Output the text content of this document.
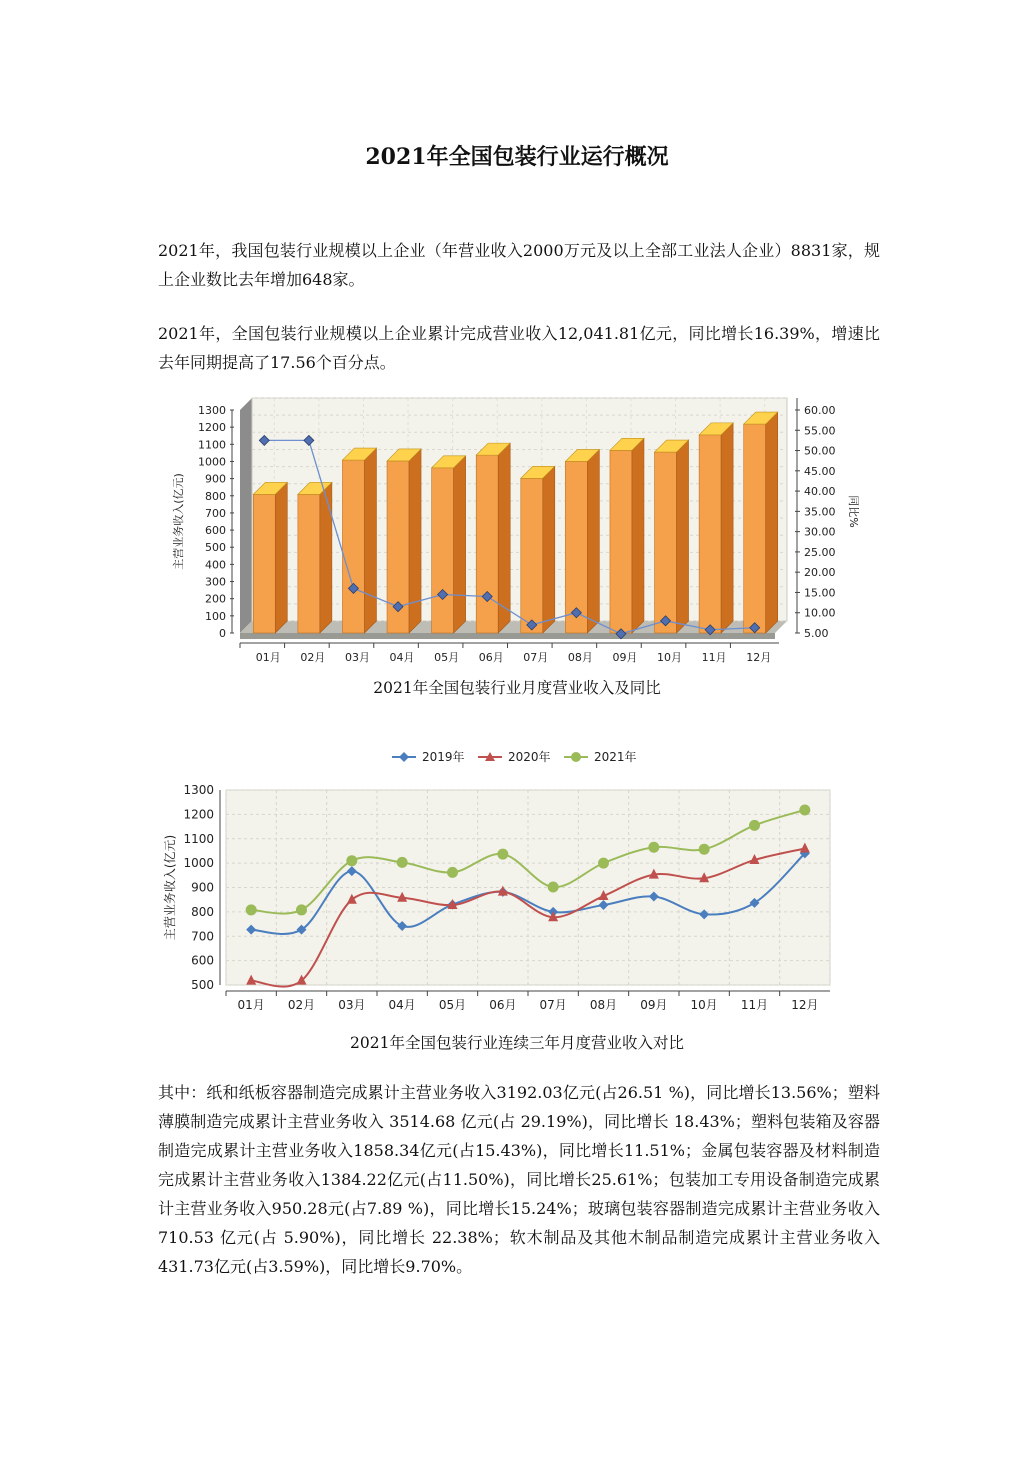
2021年全国包装行业运行概况

2021年，我国包装行业规模以上企业（年营业收入2000万元及以上全部工业法人企业）8831家，规上企业数比去年增加648家。

2021年，全国包装行业规模以上企业累计完成营业收入12,041.81亿元，同比增长16.39%，增速比去年同期提高了17.56个百分点。

0
100
200
300
400
500
600
700
800
900
1000
1100
1200
1300
主营业务收入(亿元)
5.00
10.00
15.00
20.00
25.00
30.00
35.00
40.00
45.00
50.00
55.00
60.00
同比%
01月 02月 03月 04月 05月 06月 07月 08月 09月 10月 11月 12月
2021年全国包装行业月度营业收入及同比
2019年	2020年	2021年
500
600
700
800
900
1000
1100
1200
1300
01月 02月 03月 04月 05月 06月 07月 08月 09月 10月 11月 12月
主营业务收入(亿元)
2021年全国包装行业连续三年月度营业收入对比

其中：纸和纸板容器制造完成累计主营业务收入3192.03亿元(占26.51 %)，同比增长13.56%；塑料薄膜制造完成累计主营业务收入 3514.68 亿元(占 29.19%)，同比增长 18.43%；塑料包装箱及容器制造完成累计主营业务收入1858.34亿元(占15.43%)，同比增长11.51%；金属包装容器及材料制造完成累计主营业务收入1384.22亿元(占11.50%)，同比增长25.61%；包装加工专用设备制造完成累计主营业务收入950.28元(占7.89 %)，同比增长15.24%；玻璃包装容器制造完成累计主营业务收入 710.53 亿元(占 5.90%)，同比增长 22.38%；软木制品及其他木制品制造完成累计主营业务收入431.73亿元(占3.59%)，同比增长9.70%。
